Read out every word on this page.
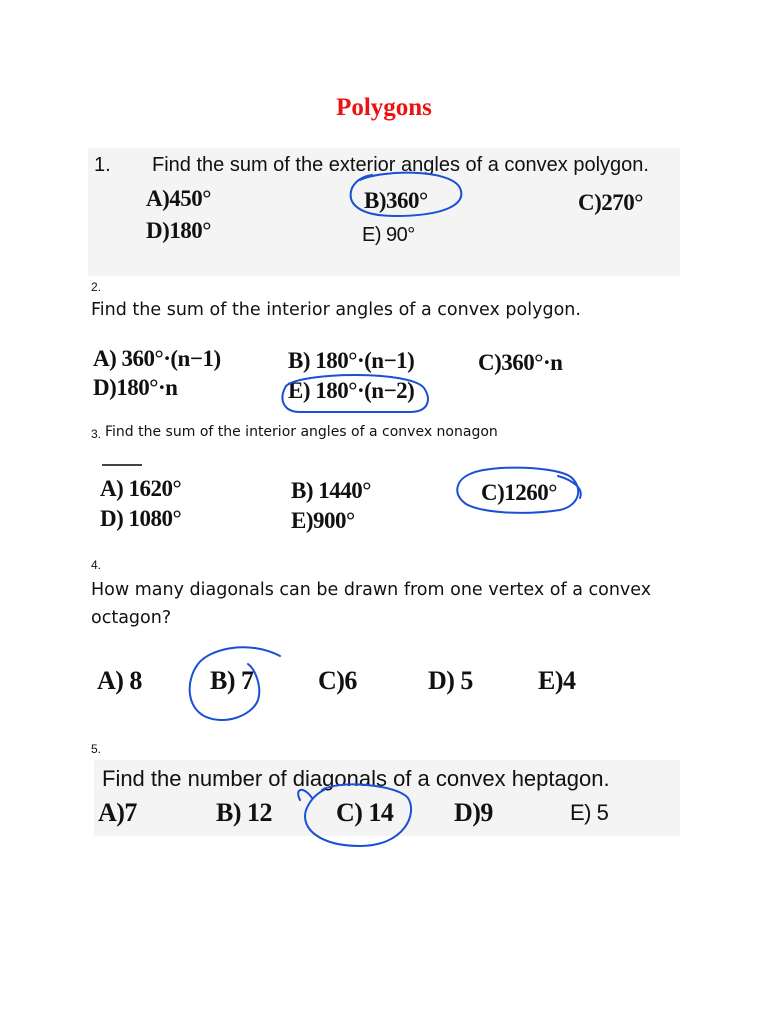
Polygons
1. Find the sum of the exterior angles of a convex polygon.
A)450°	B)360°	C)270°
D)180°	E) 90°
2.
Find the sum of the interior angles of a convex polygon.
A) 360°·(n−1)	B) 180°·(n−1)	C)360°·n
D)180°·n	E) 180°·(n−2)
3. Find the sum of the interior angles of a convex nonagon
A) 1620°	B) 1440°	C)1260°
D) 1080°	E)900°
4.
How many diagonals can be drawn from one vertex of a convex
octagon?
A) 8	B) 7 C)6	D) 5	E)4
5.
Find the number of diagonals of a convex heptagon.
A)7	B) 12 C) 14 D)9	E) 5
